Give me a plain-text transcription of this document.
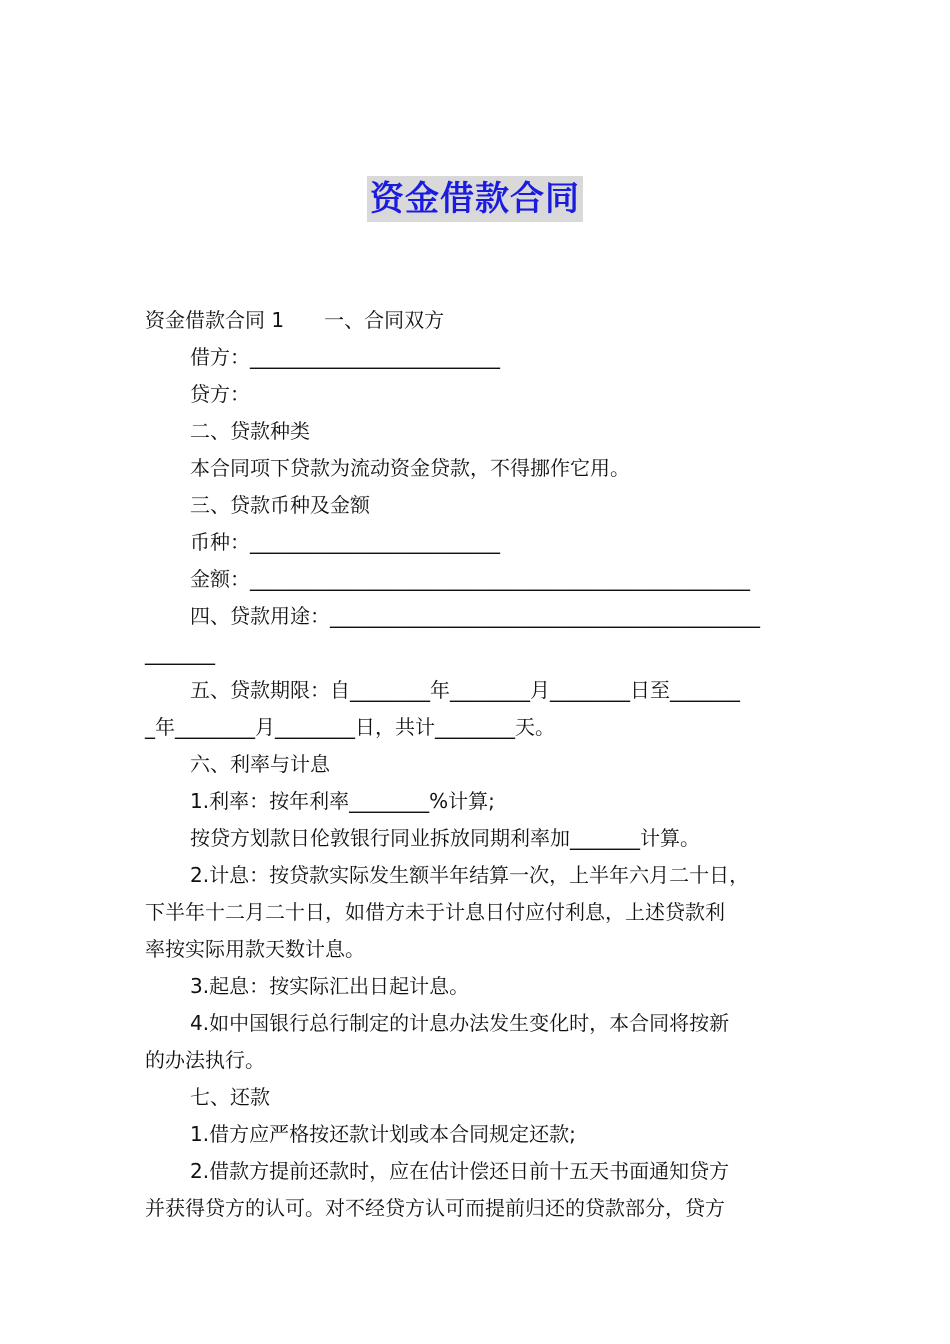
资金借款合同
资金借款合同 1　　一、合同双方
借方：_________________________
贷方：
二、贷款种类
本合同项下贷款为流动资金贷款，不得挪作它用。
三、贷款币种及金额
币种：_________________________
金额：__________________________________________________
四、贷款用途：___________________________________________
_______
五、贷款期限：自________年________月________日至_______
_年________月________日，共计________天。
六、利率与计息
1.利率：按年利率________%计算;
按贷方划款日伦敦银行同业拆放同期利率加_______计算。
2.计息：按贷款实际发生额半年结算一次，上半年六月二十日，
下半年十二月二十日，如借方未于计息日付应付利息，上述贷款利
率按实际用款天数计息。
3.起息：按实际汇出日起计息。
4.如中国银行总行制定的计息办法发生变化时，本合同将按新
的办法执行。
七、还款
1.借方应严格按还款计划或本合同规定还款;
2.借款方提前还款时，应在估计偿还日前十五天书面通知贷方
并获得贷方的认可。对不经贷方认可而提前归还的贷款部分，贷方
